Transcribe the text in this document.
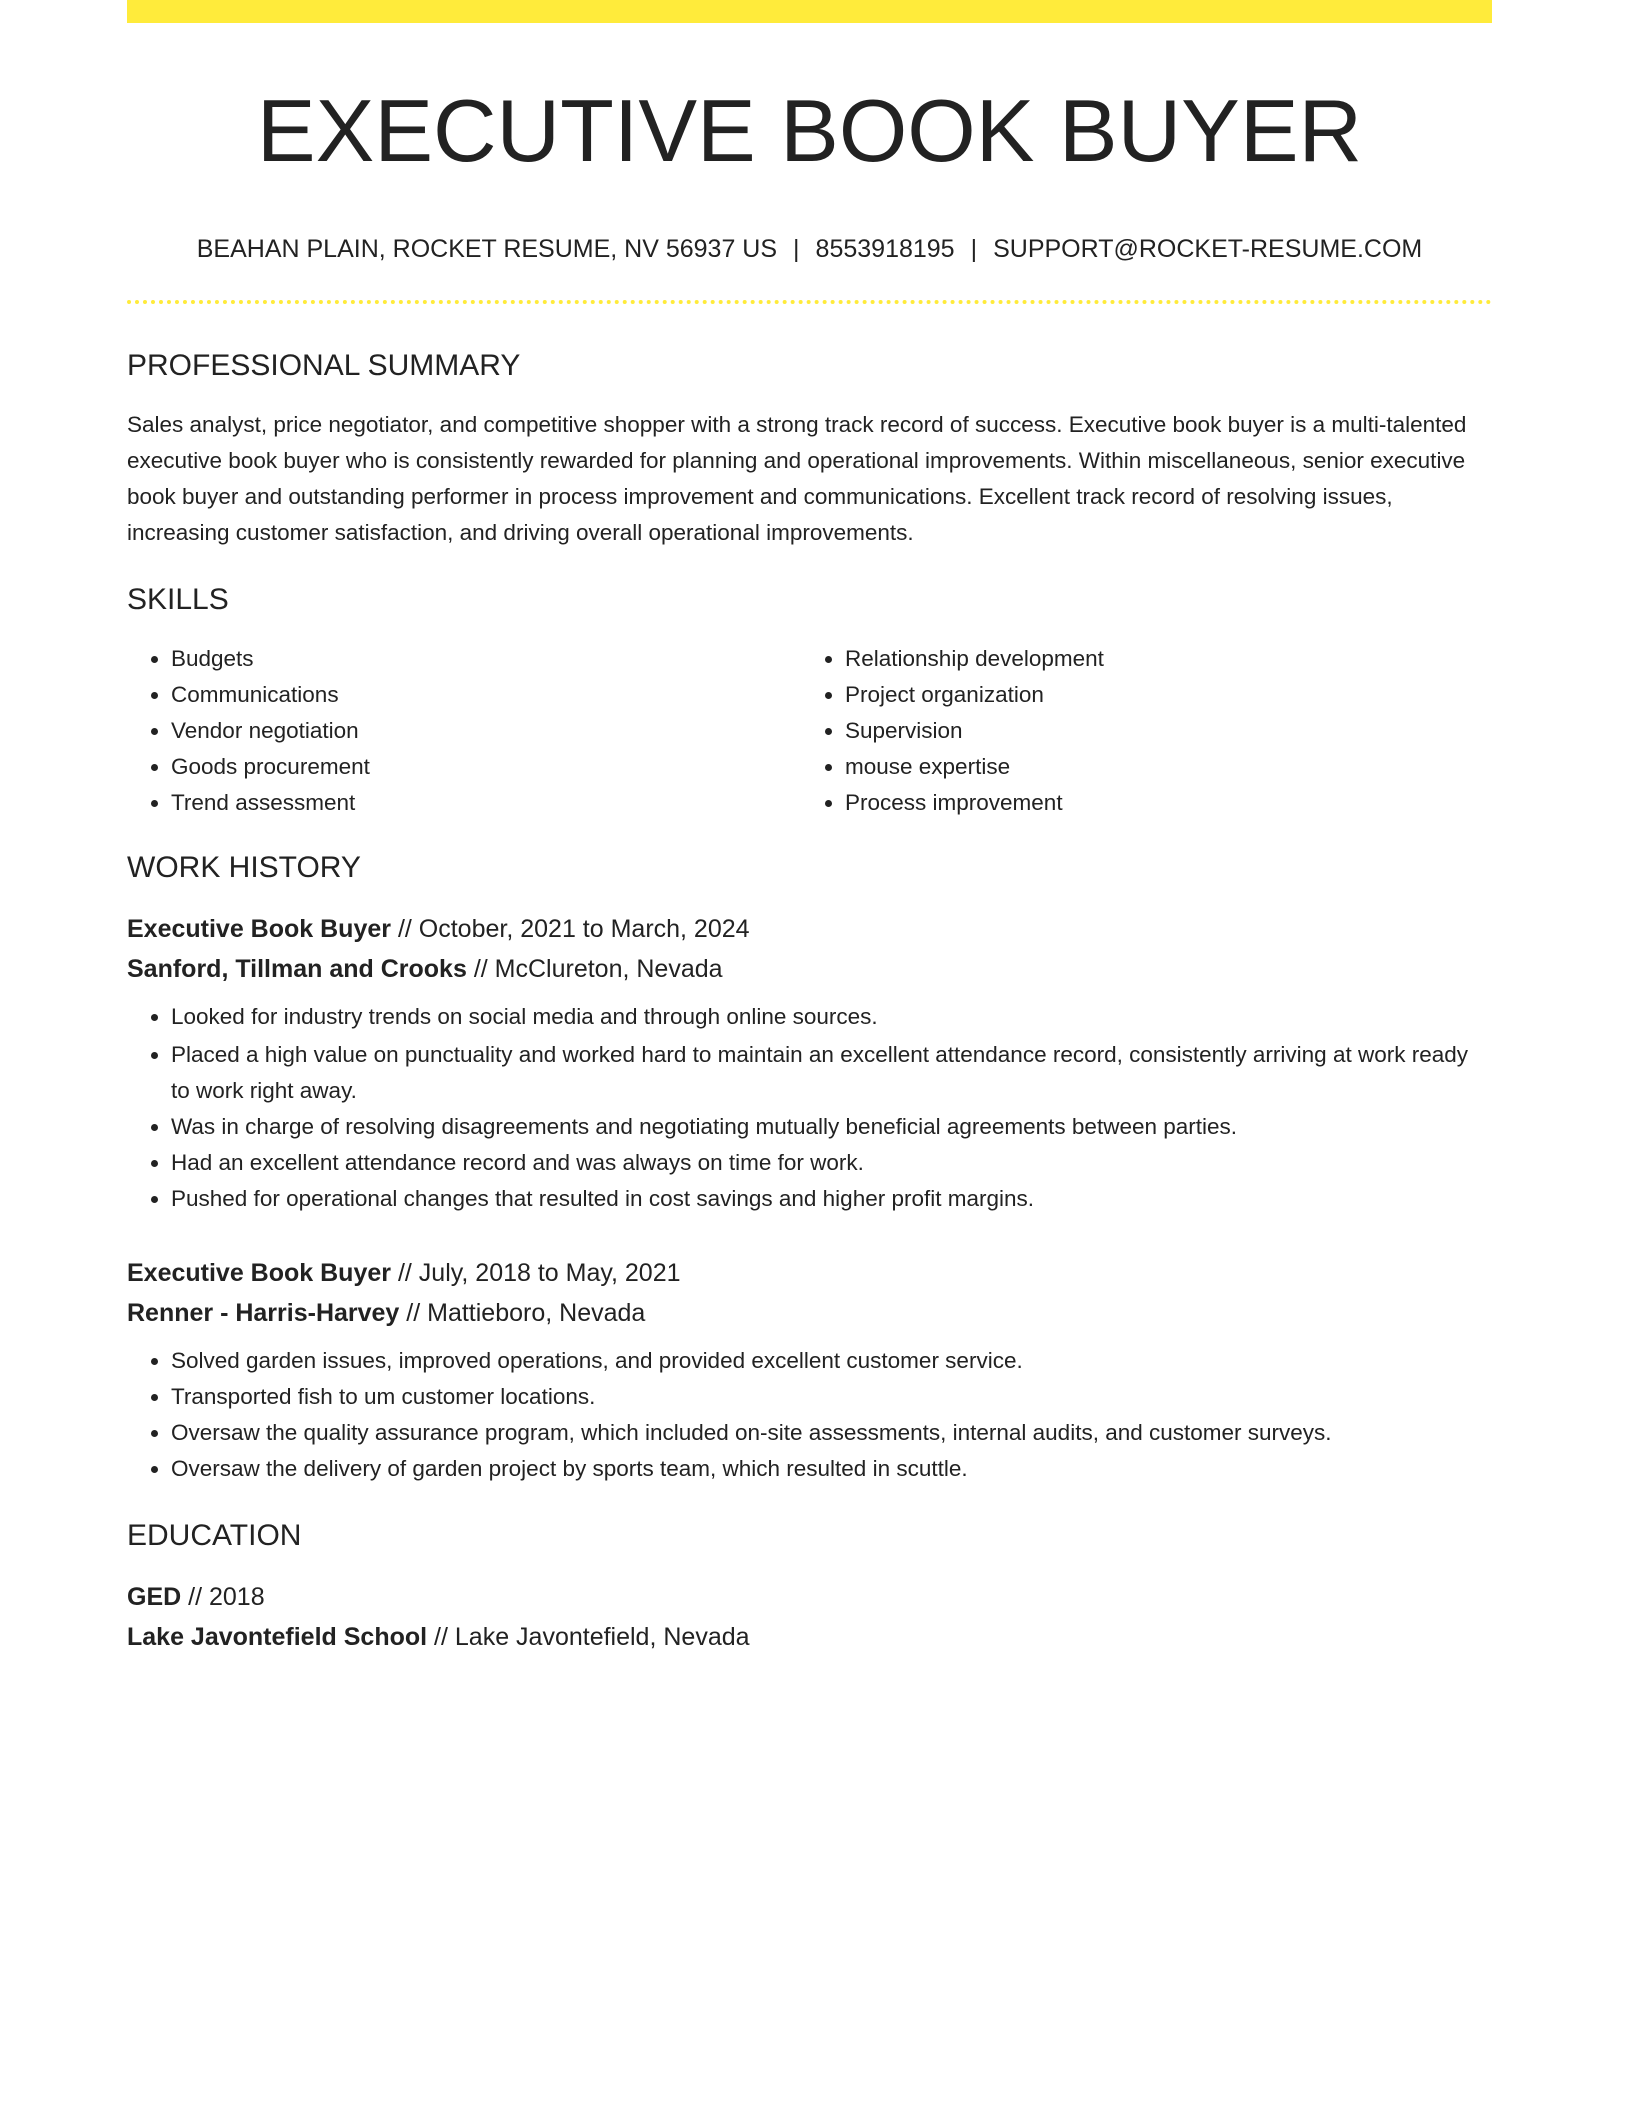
EXECUTIVE BOOK BUYER
BEAHAN PLAIN, ROCKET RESUME, NV 56937 US | 8553918195 | SUPPORT@ROCKET-RESUME.COM
PROFESSIONAL SUMMARY
Sales analyst, price negotiator, and competitive shopper with a strong track record of success. Executive book buyer is a multi-talented executive book buyer who is consistently rewarded for planning and operational improvements. Within miscellaneous, senior executive book buyer and outstanding performer in process improvement and communications. Excellent track record of resolving issues, increasing customer satisfaction, and driving overall operational improvements.
SKILLS
• Budgets
• Communications
• Vendor negotiation
• Goods procurement
• Trend assessment
• Relationship development
• Project organization
• Supervision
• mouse expertise
• Process improvement
WORK HISTORY
Executive Book Buyer // October, 2021 to March, 2024
Sanford, Tillman and Crooks // McClureton, Nevada
• Looked for industry trends on social media and through online sources.
• Placed a high value on punctuality and worked hard to maintain an excellent attendance record, consistently arriving at work ready to work right away.
• Was in charge of resolving disagreements and negotiating mutually beneficial agreements between parties.
• Had an excellent attendance record and was always on time for work.
• Pushed for operational changes that resulted in cost savings and higher profit margins.
Executive Book Buyer // July, 2018 to May, 2021
Renner - Harris-Harvey // Mattieboro, Nevada
• Solved garden issues, improved operations, and provided excellent customer service.
• Transported fish to um customer locations.
• Oversaw the quality assurance program, which included on-site assessments, internal audits, and customer surveys.
• Oversaw the delivery of garden project by sports team, which resulted in scuttle.
EDUCATION
GED // 2018
Lake Javontefield School // Lake Javontefield, Nevada
